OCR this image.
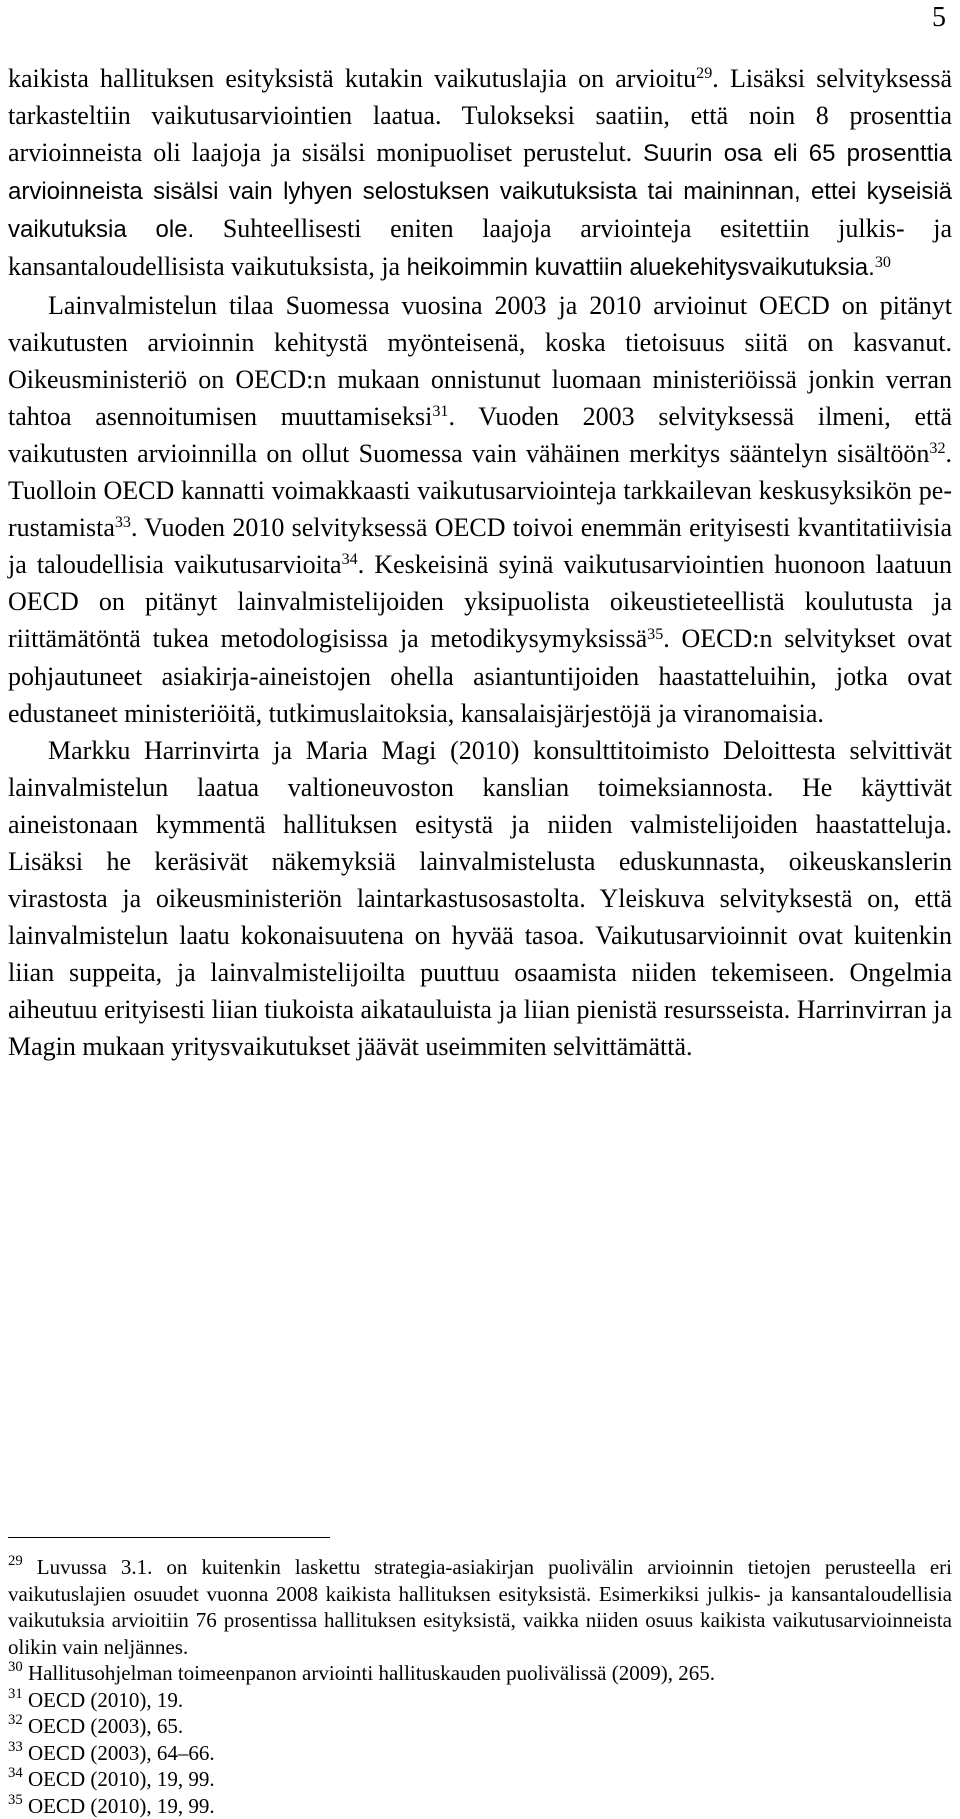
5

kaikista hallituksen esityksistä kutakin vaikutuslajia on arvioitu$^{29}$. Lisäksi selvityksessä tarkasteltiin vaikutusarviointien laatua. Tulokseksi saatiin, että noin 8 prosenttia arvioinneista oli laajoja ja sisälsi monipuoliset perustelut. Suurin osa eli 65 prosenttia arvioinneista sisälsi vain lyhyen selostuksen vaikutuksista tai maininnan, ettei kyseisiä vaikutuksia ole. Suhteellisesti eniten laajoja arviointeja esitettiin julkis- ja kansantaloudellisista vaikutuksista, ja heikoimmin kuvattiin aluekehitysvaikutuksia.$^{30}$

Lainvalmistelun tilaa Suomessa vuosina 2003 ja 2010 arvioinut OECD on pitänyt vaikutusten arvioinnin kehitystä myönteisenä, koska tietoisuus siitä on kasvanut. Oikeusministeriö on OECD:n mukaan onnistunut luomaan ministeriöissä jonkin verran tahtoa asennoitumisen muuttamiseksi$^{31}$. Vuoden 2003 selvityksessä ilmeni, että vaikutusten arvioinnilla on ollut Suomessa vain vähäinen merkitys sääntelyn sisältöön$^{32}$. Tuolloin OECD kannatti voimakkaasti vaikutusarviointeja tarkkailevan keskusyksikön perustamista$^{33}$. Vuoden 2010 selvityksessä OECD toivoi enemmän erityisesti kvantitatiivisia ja taloudellisia vaikutusarvioita$^{34}$. Keskeisinä syinä vaikutusarviointien huonoon laatuun OECD on pitänyt lainvalmistelijoiden yksipuolista oikeustieteellistä koulutusta ja riittämätöntä tukea metodologisissa ja metodikysymyksissä$^{35}$. OECD:n selvitykset ovat pohjautuneet asiakirja-aineistojen ohella asiantuntijoiden haastatteluihin, jotka ovat edustaneet ministeriöitä, tutkimuslaitoksia, kansalaisjärjestöjä ja viranomaisia.

Markku Harrinvirta ja Maria Magi (2010) konsulttitoimisto Deloittesta selvittivät lainvalmistelun laatua valtioneuvoston kanslian toimeksiannosta. He käyttivät aineistonaan kymmentä hallituksen esitystä ja niiden valmistelijoiden haastatteluja. Lisäksi he keräsivät näkemyksiä lainvalmistelusta eduskunnasta, oikeuskanslerin virastosta ja oikeusministeriön laintarkastusosastolta. Yleiskuva selvityksestä on, että lainvalmistelun laatu kokonaisuutena on hyvää tasoa. Vaikutusarvioinnit ovat kuitenkin liian suppeita, ja lainvalmistelijoilta puuttuu osaamista niiden tekemiseen. Ongelmia aiheutuu erityisesti liian tiukoista aikatauluista ja liian pienistä resursseista. Harrinvirran ja Magin mukaan yritysvaikutukset jäävät useimmiten selvittämättä.

$^{29}$ Luvussa 3.1. on kuitenkin laskettu strategia-asiakirjan puolivälin arvioinnin tietojen perusteella eri vaikutuslajien osuudet vuonna 2008 kaikista hallituksen esityksistä. Esimerkiksi julkis- ja kansantaloudellisia vaikutuksia arvioitiin 76 prosentissa hallituksen esityksistä, vaikka niiden osuus kaikista vaikutusarvioinneista olikin vain neljännes.

$^{30}$ Hallitusohjelman toimeenpanon arviointi hallituskauden puolivälissä (2009), 265.

$^{31}$ OECD (2010), 19.

$^{32}$ OECD (2003), 65.

$^{33}$ OECD (2003), 64–66.

$^{34}$ OECD (2010), 19, 99.

$^{35}$ OECD (2010), 19, 99.
